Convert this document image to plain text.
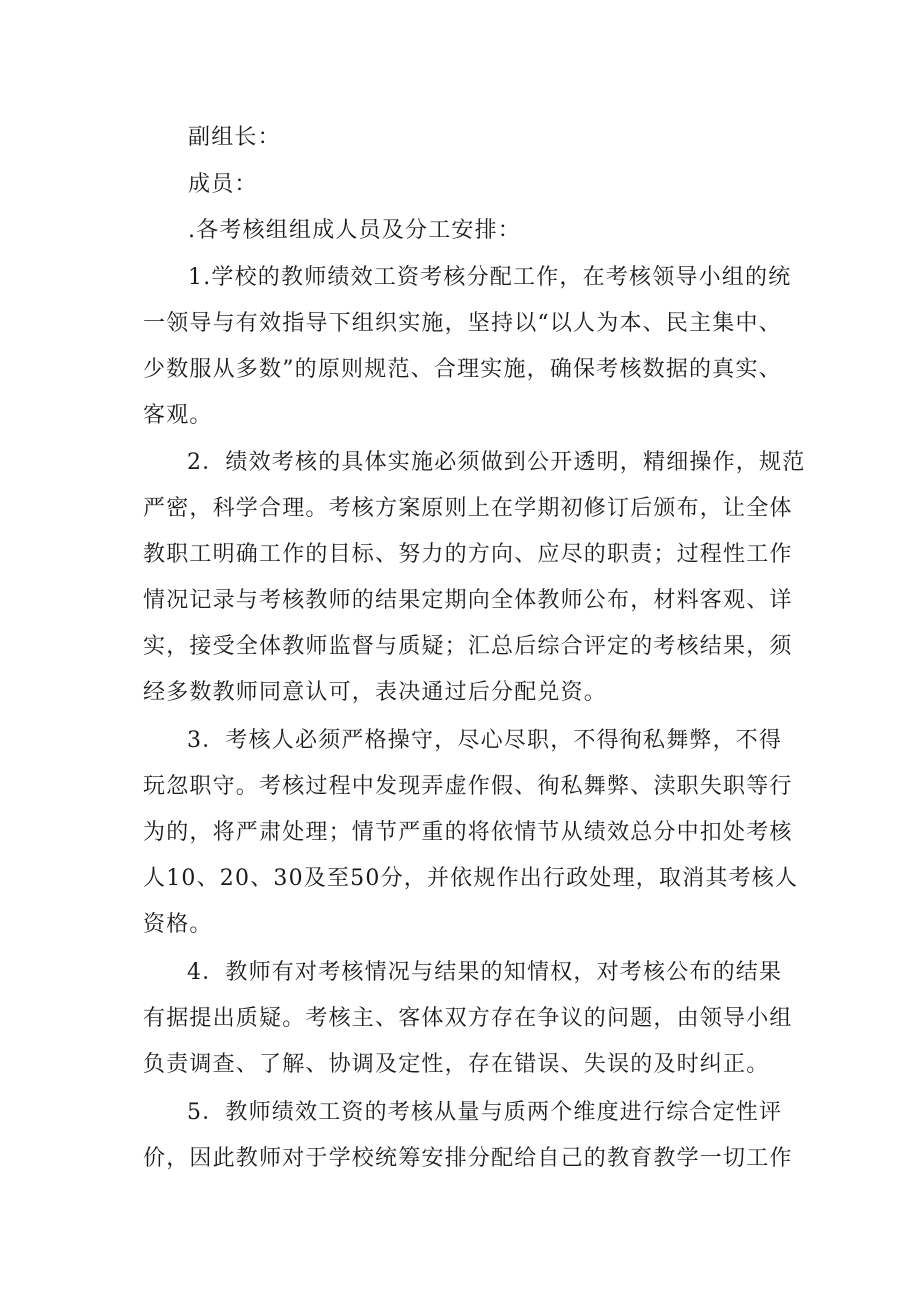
副组长：
成员：
.各考核组组成人员及分工安排：
1.学校的教师绩效工资考核分配工作，在考核领导小组的统
一领导与有效指导下组织实施，坚持以“以人为本、民主集中、
少数服从多数”的原则规范、合理实施，确保考核数据的真实、
客观。
2．绩效考核的具体实施必须做到公开透明，精细操作，规范
严密，科学合理。考核方案原则上在学期初修订后颁布，让全体
教职工明确工作的目标、努力的方向、应尽的职责；过程性工作
情况记录与考核教师的结果定期向全体教师公布，材料客观、详
实，接受全体教师监督与质疑；汇总后综合评定的考核结果，须
经多数教师同意认可，表决通过后分配兑资。
3．考核人必须严格操守，尽心尽职，不得徇私舞弊，不得
玩忽职守。考核过程中发现弄虚作假、徇私舞弊、渎职失职等行
为的，将严肃处理；情节严重的将依情节从绩效总分中扣处考核
人10、20、30及至50分，并依规作出行政处理，取消其考核人
资格。
4．教师有对考核情况与结果的知情权，对考核公布的结果
有据提出质疑。考核主、客体双方存在争议的问题，由领导小组
负责调查、了解、协调及定性，存在错误、失误的及时纠正。
5．教师绩效工资的考核从量与质两个维度进行综合定性评
价，因此教师对于学校统筹安排分配给自己的教育教学一切工作
